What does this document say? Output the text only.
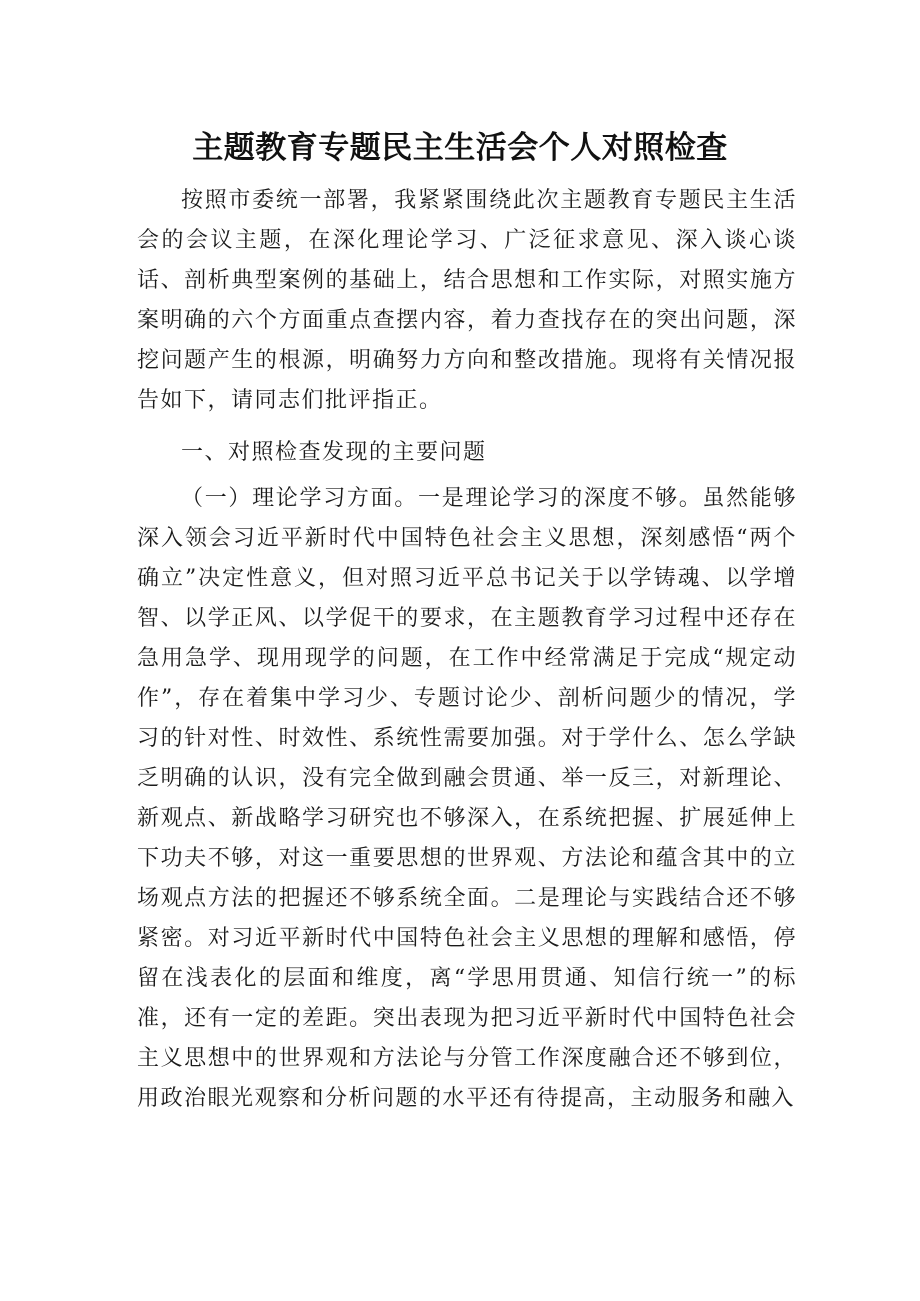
主题教育专题民主生活会个人对照检查

按照市委统一部署，我紧紧围绕此次主题教育专题民主生活会的会议主题，在深化理论学习、广泛征求意见、深入谈心谈话、剖析典型案例的基础上，结合思想和工作实际，对照实施方案明确的六个方面重点查摆内容，着力查找存在的突出问题，深挖问题产生的根源，明确努力方向和整改措施。现将有关情况报告如下，请同志们批评指正。

一、对照检查发现的主要问题

（一）理论学习方面。一是理论学习的深度不够。虽然能够深入领会习近平新时代中国特色社会主义思想，深刻感悟“两个确立”决定性意义，但对照习近平总书记关于以学铸魂、以学增智、以学正风、以学促干的要求，在主题教育学习过程中还存在急用急学、现用现学的问题，在工作中经常满足于完成“规定动作”，存在着集中学习少、专题讨论少、剖析问题少的情况，学习的针对性、时效性、系统性需要加强。对于学什么、怎么学缺乏明确的认识，没有完全做到融会贯通、举一反三，对新理论、新观点、新战略学习研究也不够深入，在系统把握、扩展延伸上下功夫不够，对这一重要思想的世界观、方法论和蕴含其中的立场观点方法的把握还不够系统全面。二是理论与实践结合还不够紧密。对习近平新时代中国特色社会主义思想的理解和感悟，停留在浅表化的层面和维度，离“学思用贯通、知信行统一”的标准，还有一定的差距。突出表现为把习近平新时代中国特色社会主义思想中的世界观和方法论与分管工作深度融合还不够到位，用政治眼光观察和分析问题的水平还有待提高，主动服务和融入
